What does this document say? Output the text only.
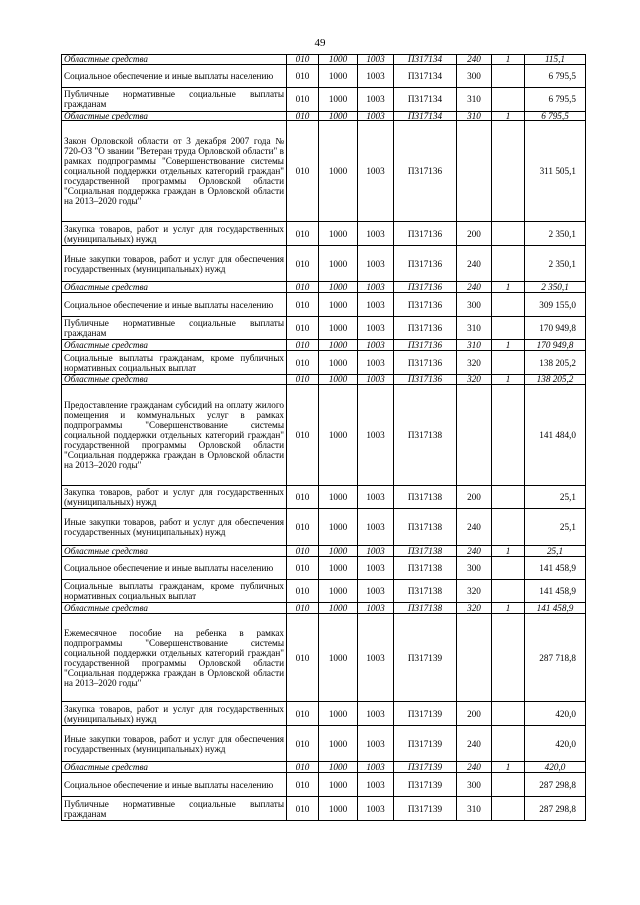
49
Областные средства	010	1000	1003	П317134	240	1	115,1
Социальное обеспечение и иные выплаты населению	010	1000	1003	П317134	300		6 795,5
Публичные нормативные социальные выплаты гражданам	010	1000	1003	П317134	310		6 795,5
Областные средства	010	1000	1003	П317134	310	1	6 795,5
Закон Орловской области от 3 декабря 2007 года № 720-ОЗ "О звании "Ветеран труда Орловской области" в рамках подпрограммы "Совершенствование системы социальной поддержки отдельных категорий граждан" государственной программы Орловской области "Социальная поддержка граждан в Орловской области на 2013–2020 годы"	010	1000	1003	П317136			311 505,1
Закупка товаров, работ и услуг для государственных (муниципальных) нужд	010	1000	1003	П317136	200		2 350,1
Иные закупки товаров, работ и услуг для обеспечения государственных (муниципальных) нужд	010	1000	1003	П317136	240		2 350,1
Областные средства	010	1000	1003	П317136	240	1	2 350,1
Социальное обеспечение и иные выплаты населению	010	1000	1003	П317136	300		309 155,0
Публичные нормативные социальные выплаты гражданам	010	1000	1003	П317136	310		170 949,8
Областные средства	010	1000	1003	П317136	310	1	170 949,8
Социальные выплаты гражданам, кроме публичных нормативных социальных выплат	010	1000	1003	П317136	320		138 205,2
Областные средства	010	1000	1003	П317136	320	1	138 205,2
Предоставление гражданам субсидий на оплату жилого помещения и коммунальных услуг в рамках подпрограммы "Совершенствование системы социальной поддержки отдельных категорий граждан" государственной программы Орловской области "Социальная поддержка граждан в Орловской области на 2013–2020 годы"	010	1000	1003	П317138			141 484,0
Закупка товаров, работ и услуг для государственных (муниципальных) нужд	010	1000	1003	П317138	200		25,1
Иные закупки товаров, работ и услуг для обеспечения государственных (муниципальных) нужд	010	1000	1003	П317138	240		25,1
Областные средства	010	1000	1003	П317138	240	1	25,1
Социальное обеспечение и иные выплаты населению	010	1000	1003	П317138	300		141 458,9
Социальные выплаты гражданам, кроме публичных нормативных социальных выплат	010	1000	1003	П317138	320		141 458,9
Областные средства	010	1000	1003	П317138	320	1	141 458,9
Ежемесячное пособие на ребенка в рамках подпрограммы "Совершенствование системы социальной поддержки отдельных категорий граждан" государственной программы Орловской области "Социальная поддержка граждан в Орловской области на 2013–2020 годы"	010	1000	1003	П317139			287 718,8
Закупка товаров, работ и услуг для государственных (муниципальных) нужд	010	1000	1003	П317139	200		420,0
Иные закупки товаров, работ и услуг для обеспечения государственных (муниципальных) нужд	010	1000	1003	П317139	240		420,0
Областные средства	010	1000	1003	П317139	240	1	420,0
Социальное обеспечение и иные выплаты населению	010	1000	1003	П317139	300		287 298,8
Публичные нормативные социальные выплаты гражданам	010	1000	1003	П317139	310		287 298,8
